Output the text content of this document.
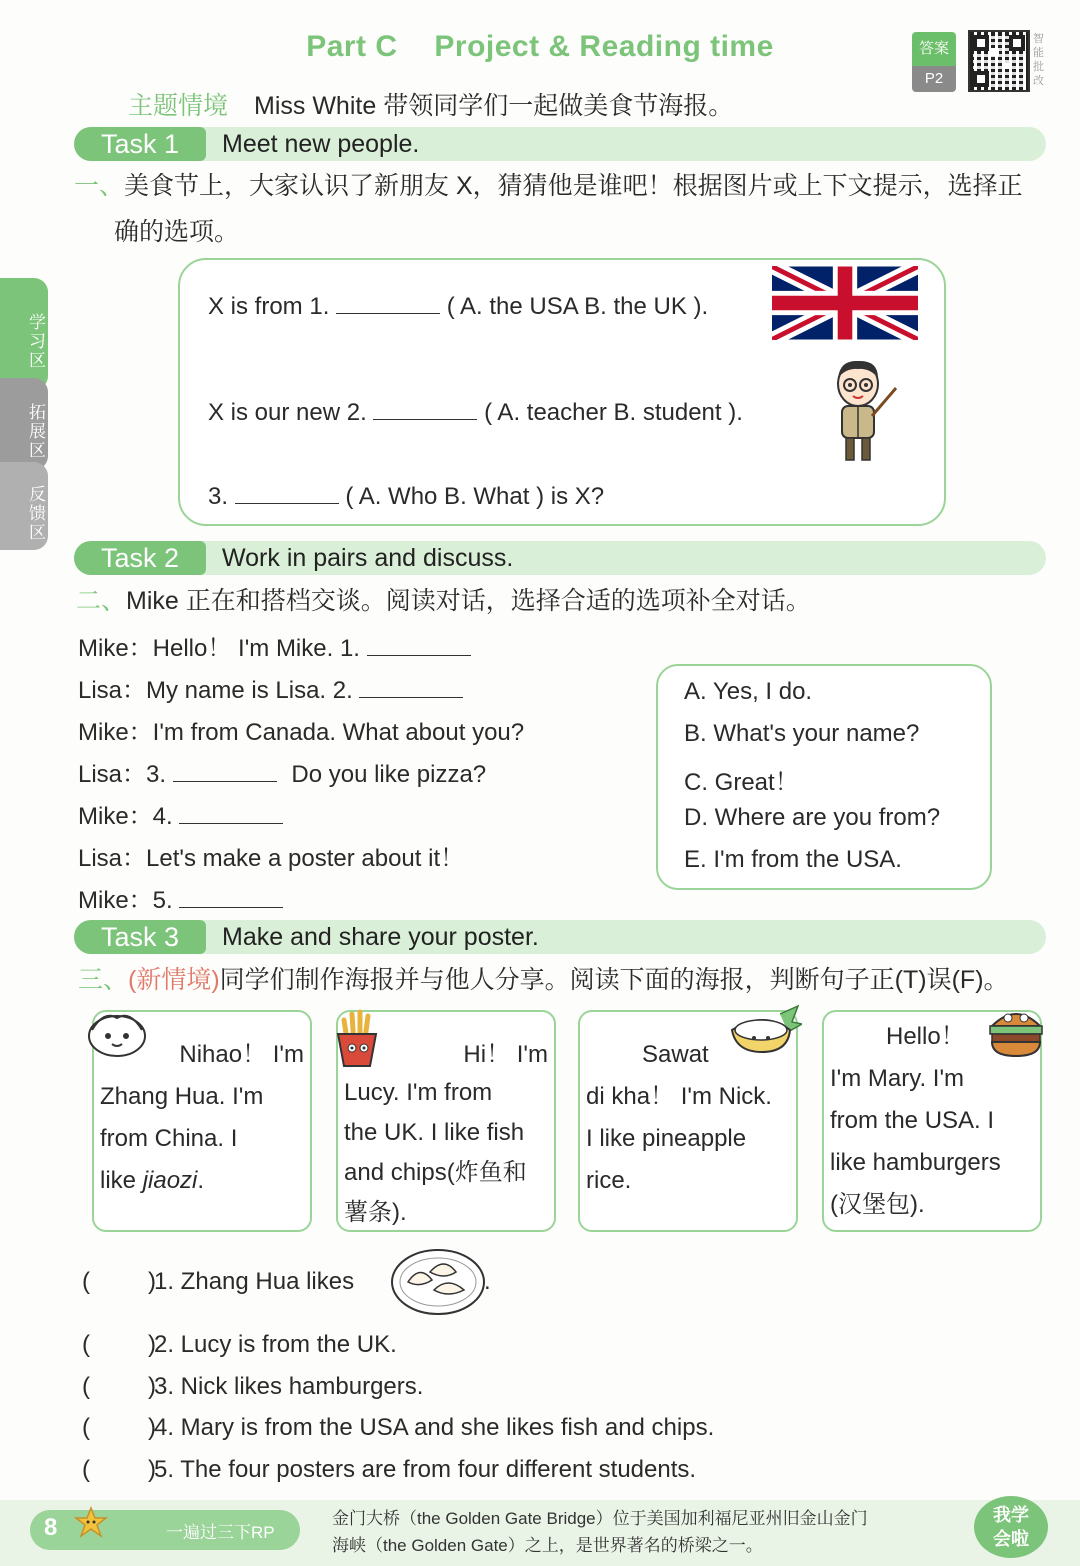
Part C Project & Reading time	答案
P2
智能批改
主题情境 Miss White 带领同学们一起做美食节海报。
学习区
拓展区
反馈区
Task 1	Meet new people.
一、美食节上，大家认识了新朋友 X，猜猜他是谁吧！根据图片或上下文提示，选择正
确的选项。
X is from 1.	( A. the USA B. the UK ).
X is our new 2.	( A. teacher B. student ).
3.	( A. Who B. What ) is X?
Task 2	Work in pairs and discuss.
二、Mike 正在和搭档交谈。阅读对话，选择合适的选项补全对话。
Mike：Hello！ I'm Mike. 1.
Lisa：My name is Lisa. 2.
Mike：I'm from Canada. What about you?
Lisa：3.	Do you like pizza?
Mike：4.
Lisa：Let's make a poster about it！
Mike：5.
A. Yes, I do.
B. What's your name?
C. Great！
D. Where are you from?
E. I'm from the USA.
Task 3	Make and share your poster.
三、(新情境)同学们制作海报并与他人分享。阅读下面的海报，判断句子正(T)误(F)。
Nihao！ I'm
Zhang Hua. I'm
from China. I
like jiaozi.
Hi！ I'm
Lucy. I'm from
the UK. I like fish
and chips(炸鱼和
薯条).
Sawat
di kha！ I'm Nick.
I like pineapple
rice.
Hello！
I'm Mary. I'm
from the USA. I
like hamburgers
(汉堡包).
( )1. Zhang Hua likes	.
( )2. Lucy is from the UK.
( )3. Nick likes hamburgers.
( )4. Mary is from the USA and she likes fish and chips.
( )5. The four posters are from four different students.
8	一遍过三下RP
金门大桥（the Golden Gate Bridge）位于美国加利福尼亚州旧金山金门
海峡（the Golden Gate）之上，是世界著名的桥梁之一。
我学会啦
